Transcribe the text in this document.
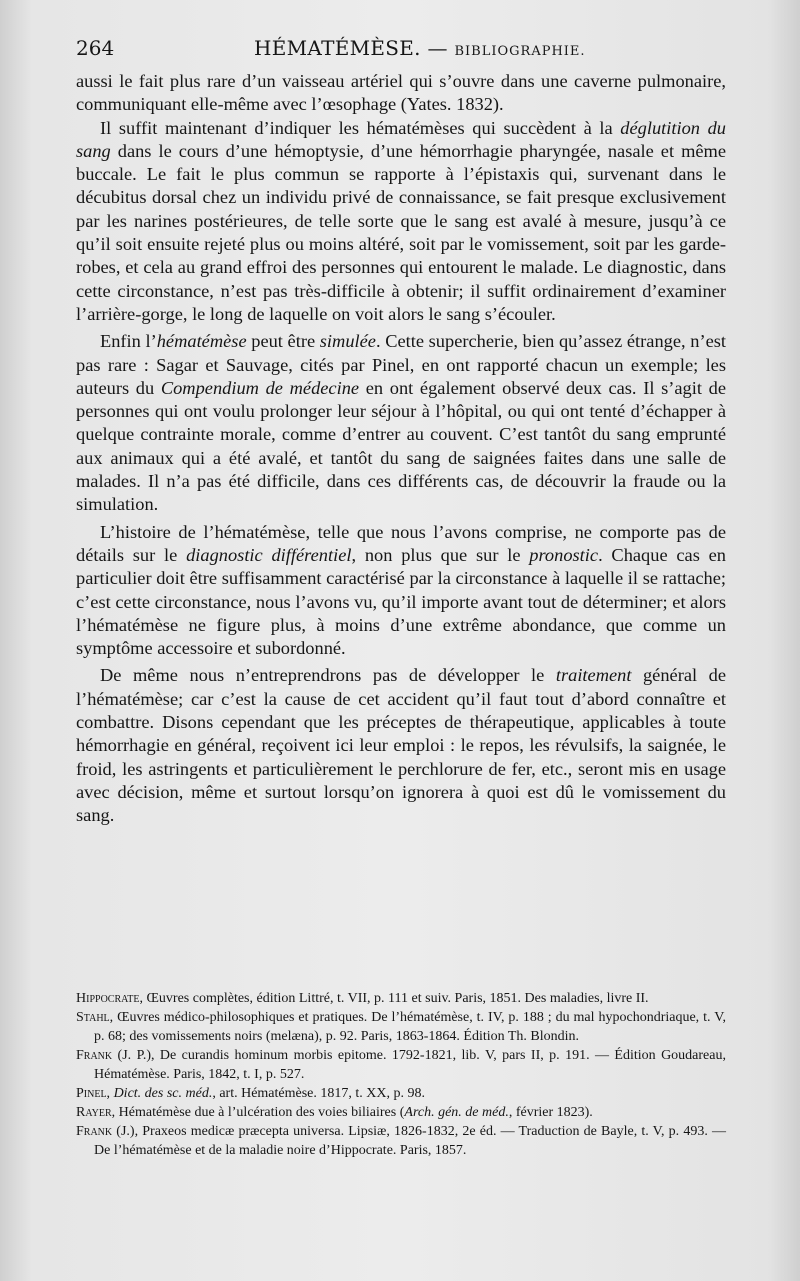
264	HÉMATÉMÈSE. — BIBLIOGRAPHIE.

aussi le fait plus rare d’un vaisseau artériel qui s’ouvre dans une caverne pulmonaire, communiquant elle-même avec l’œsophage (Yates. 1832).

Il suffit maintenant d’indiquer les hématémèses qui succèdent à la déglutition du sang dans le cours d’une hémoptysie, d’une hémorrhagie pharyngée, nasale et même buccale. Le fait le plus commun se rapporte à l’épistaxis qui, survenant dans le décubitus dorsal chez un individu privé de connaissance, se fait presque exclusivement par les narines postérieures, de telle sorte que le sang est avalé à mesure, jusqu’à ce qu’il soit ensuite rejeté plus ou moins altéré, soit par le vomissement, soit par les garde-robes, et cela au grand effroi des personnes qui entourent le malade. Le diagnostic, dans cette circonstance, n’est pas très-difficile à obtenir; il suffit ordinairement d’examiner l’arrière-gorge, le long de laquelle on voit alors le sang s’écouler.

Enfin l’hématémèse peut être simulée. Cette supercherie, bien qu’assez étrange, n’est pas rare : Sagar et Sauvage, cités par Pinel, en ont rapporté chacun un exemple; les auteurs du Compendium de médecine en ont également observé deux cas. Il s’agit de personnes qui ont voulu prolonger leur séjour à l’hôpital, ou qui ont tenté d’échapper à quelque contrainte morale, comme d’entrer au couvent. C’est tantôt du sang emprunté aux animaux qui a été avalé, et tantôt du sang de saignées faites dans une salle de malades. Il n’a pas été difficile, dans ces différents cas, de découvrir la fraude ou la simulation.

L’histoire de l’hématémèse, telle que nous l’avons comprise, ne comporte pas de détails sur le diagnostic différentiel, non plus que sur le pronostic. Chaque cas en particulier doit être suffisamment caractérisé par la circonstance à laquelle il se rattache; c’est cette circonstance, nous l’avons vu, qu’il importe avant tout de déterminer; et alors l’hématémèse ne figure plus, à moins d’une extrême abondance, que comme un symptôme accessoire et subordonné.

De même nous n’entreprendrons pas de développer le traitement général de l’hématémèse; car c’est la cause de cet accident qu’il faut tout d’abord connaître et combattre. Disons cependant que les préceptes de thérapeutique, applicables à toute hémorrhagie en général, reçoivent ici leur emploi : le repos, les révulsifs, la saignée, le froid, les astringents et particulièrement le perchlorure de fer, etc., seront mis en usage avec décision, même et surtout lorsqu’on ignorera à quoi est dû le vomissement du sang.

Hippocrate, Œuvres complètes, édition Littré, t. VII, p. 111 et suiv. Paris, 1851. Des maladies, livre II.

Stahl, Œuvres médico-philosophiques et pratiques. De l’hématémèse, t. IV, p. 188 ; du mal hypochondriaque, t. V, p. 68; des vomissements noirs (melæna), p. 92. Paris, 1863-1864. Édition Th. Blondin.

Frank (J. P.), De curandis hominum morbis epitome. 1792-1821, lib. V, pars II, p. 191. — Édition Goudareau, Hématémèse. Paris, 1842, t. I, p. 527.

Pinel, Dict. des sc. méd., art. Hématémèse. 1817, t. XX, p. 98.

Rayer, Hématémèse due à l’ulcération des voies biliaires (Arch. gén. de méd., février 1823).

Frank (J.), Praxeos medicæ præcepta universa. Lipsiæ, 1826-1832, 2e éd. — Traduction de Bayle, t. V, p. 493. — De l’hématémèse et de la maladie noire d’Hippocrate. Paris, 1857.
